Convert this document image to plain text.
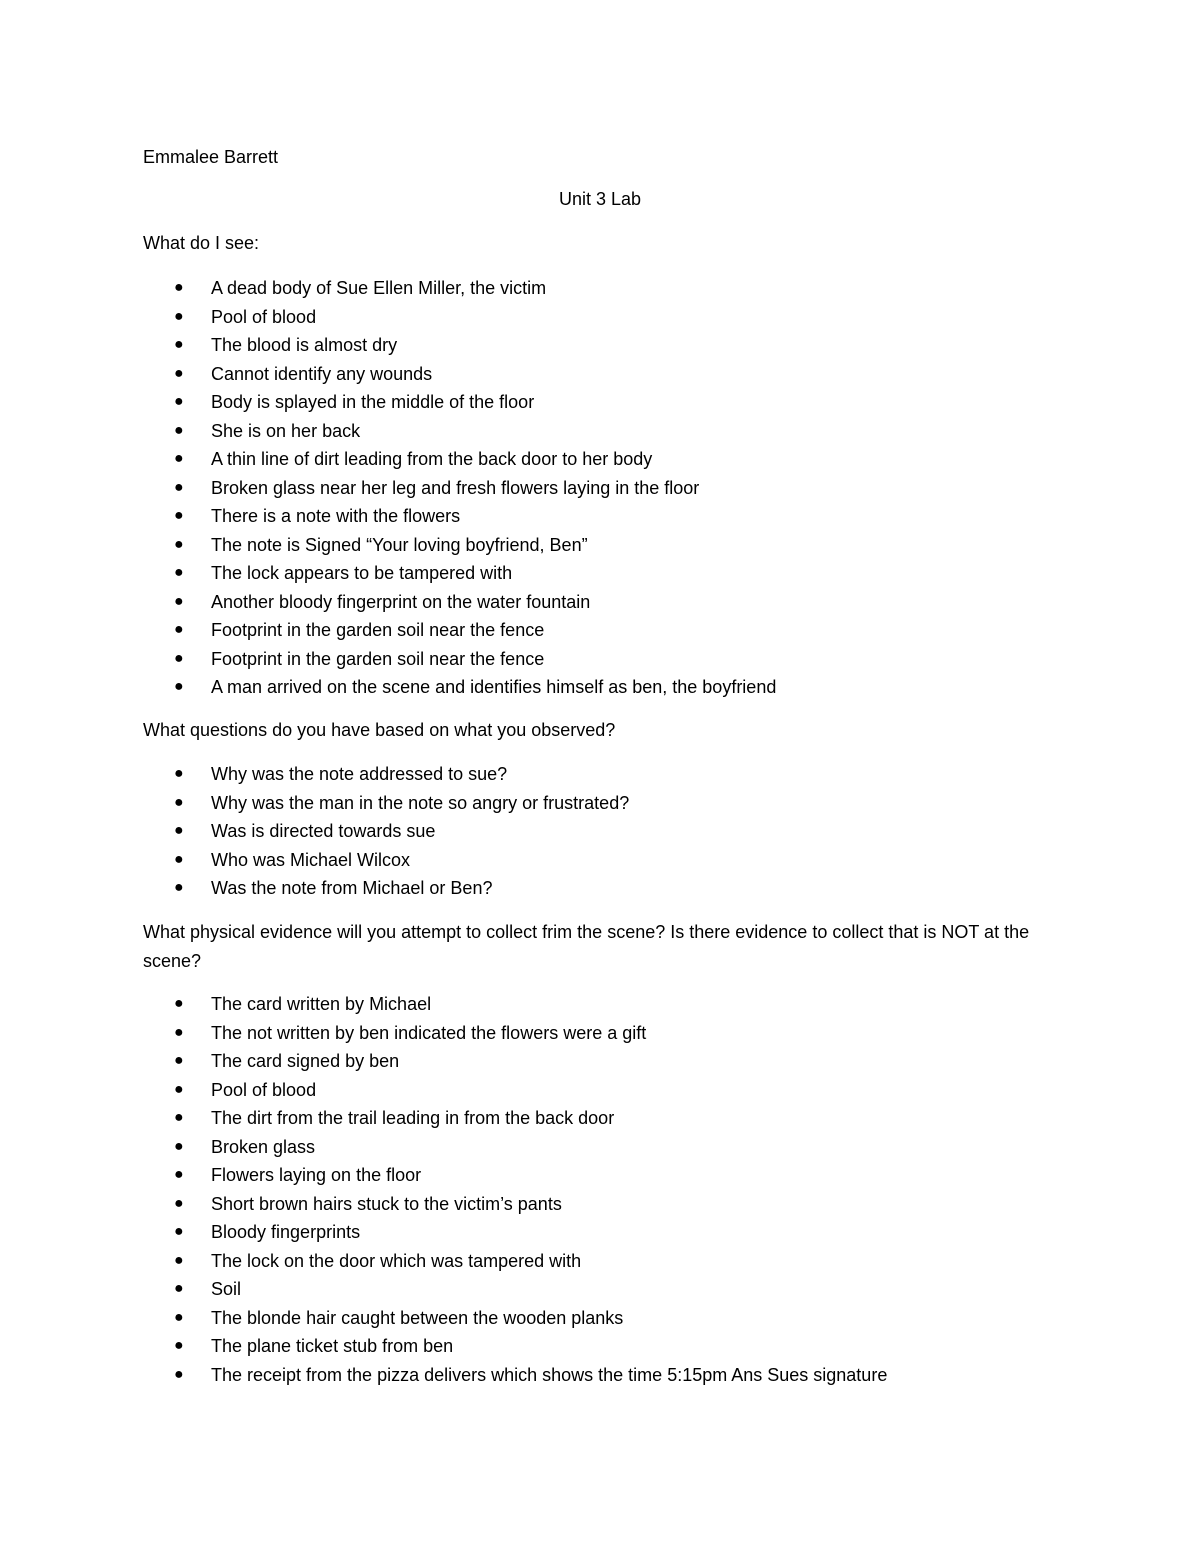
Emmalee Barrett

Unit 3 Lab

What do I see:

● A dead body of Sue Ellen Miller, the victim
● Pool of blood
● The blood is almost dry
● Cannot identify any wounds
● Body is splayed in the middle of the floor
● She is on her back
● A thin line of dirt leading from the back door to her body
● Broken glass near her leg and fresh flowers laying in the floor
● There is a note with the flowers
● The note is Signed “Your loving boyfriend, Ben”
● The lock appears to be tampered with
● Another bloody fingerprint on the water fountain
● Footprint in the garden soil near the fence
● Footprint in the garden soil near the fence
● A man arrived on the scene and identifies himself as ben, the boyfriend

What questions do you have based on what you observed?

● Why was the note addressed to sue?
● Why was the man in the note so angry or frustrated?
● Was is directed towards sue
● Who was Michael Wilcox
● Was the note from Michael or Ben?

What physical evidence will you attempt to collect frim the scene? Is there evidence to collect that is NOT at the scene?

● The card written by Michael
● The not written by ben indicated the flowers were a gift
● The card signed by ben
● Pool of blood
● The dirt from the trail leading in from the back door
● Broken glass
● Flowers laying on the floor
● Short brown hairs stuck to the victim’s pants
● Bloody fingerprints
● The lock on the door which was tampered with
● Soil
● The blonde hair caught between the wooden planks
● The plane ticket stub from ben
● The receipt from the pizza delivers which shows the time 5:15pm Ans Sues signature
